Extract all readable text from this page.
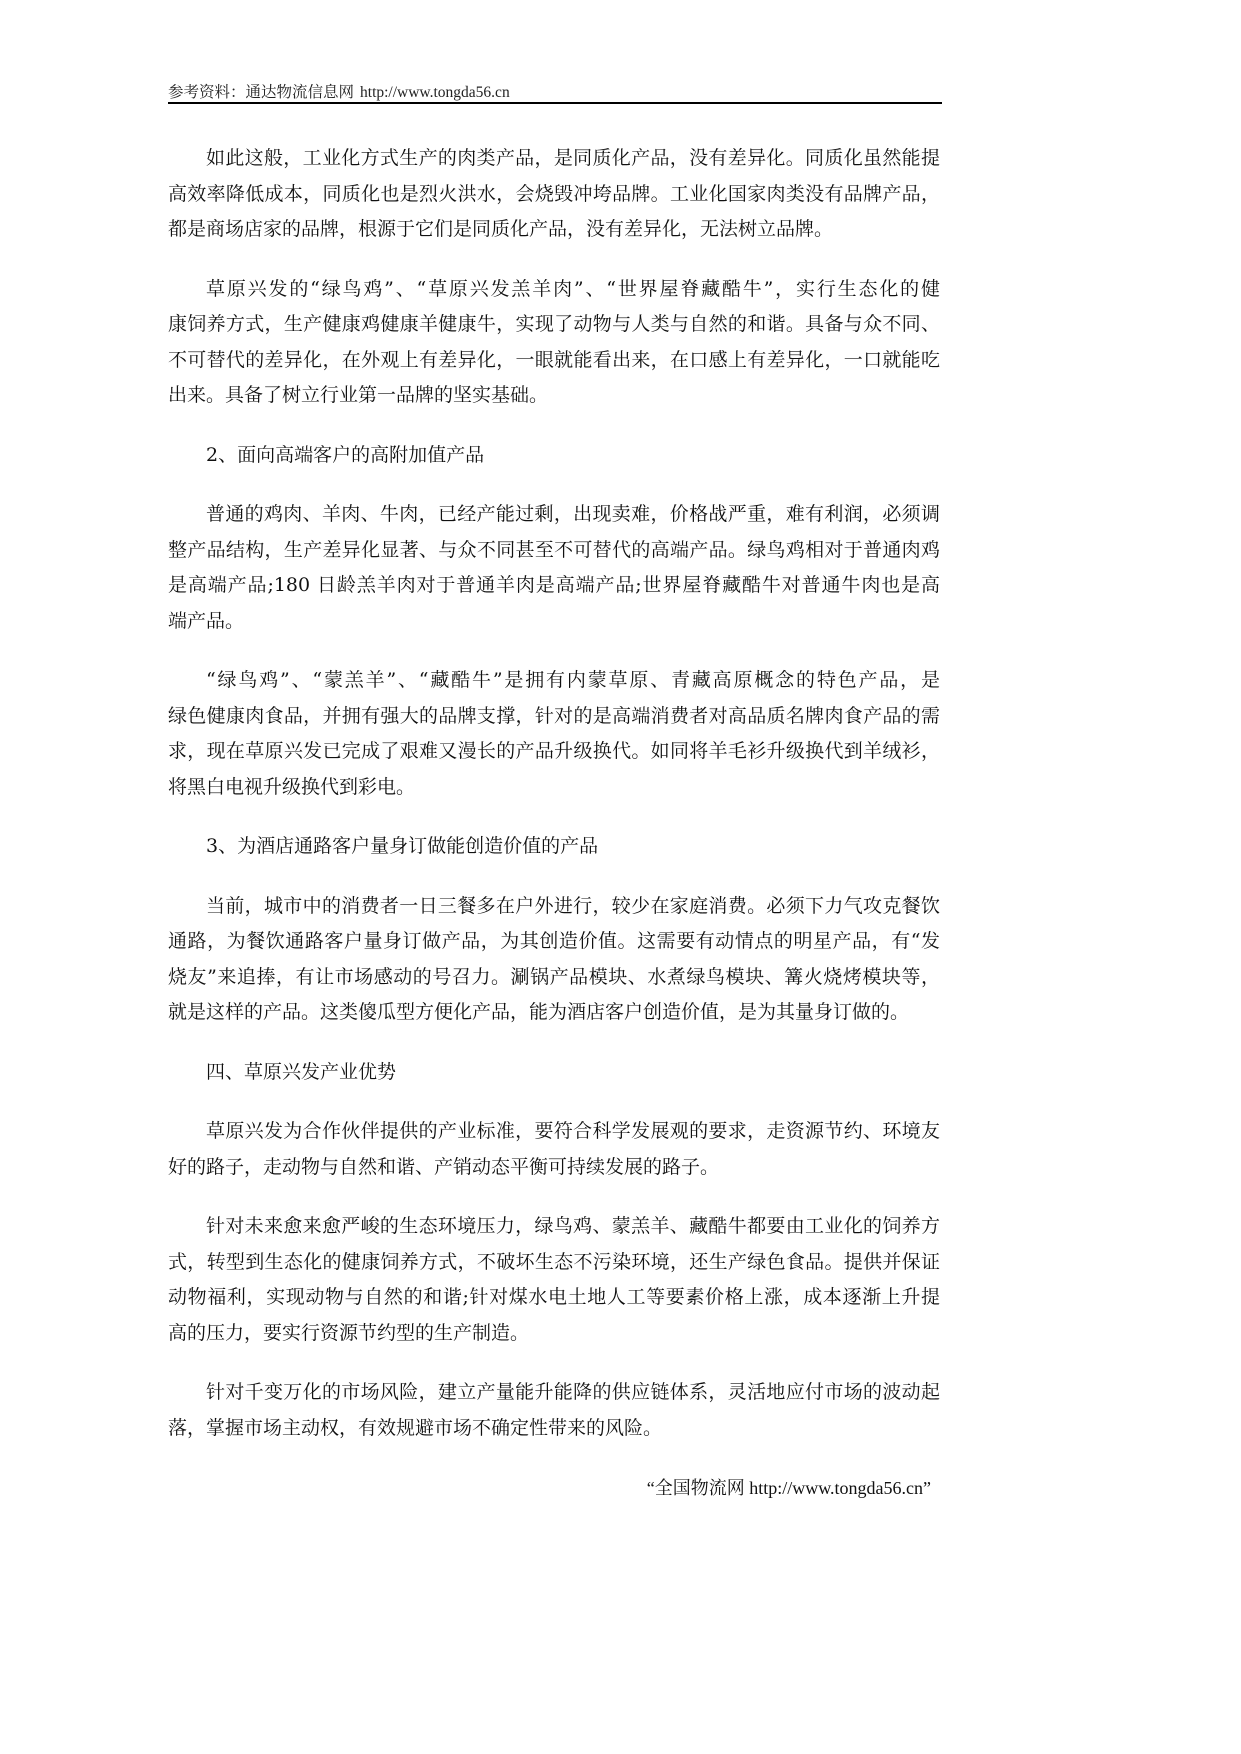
参考资料：通达物流信息网 http://www.tongda56.cn
如此这般，工业化方式生产的肉类产品，是同质化产品，没有差异化。同质化虽然能提
高效率降低成本，同质化也是烈火洪水，会烧毁冲垮品牌。工业化国家肉类没有品牌产品，
都是商场店家的品牌，根源于它们是同质化产品，没有差异化，无法树立品牌。
草原兴发的“绿鸟鸡”、“草原兴发羔羊肉”、“世界屋脊藏酷牛”，实行生态化的健
康饲养方式，生产健康鸡健康羊健康牛，实现了动物与人类与自然的和谐。具备与众不同、
不可替代的差异化，在外观上有差异化，一眼就能看出来，在口感上有差异化，一口就能吃
出来。具备了树立行业第一品牌的坚实基础。
2、面向高端客户的高附加值产品
普通的鸡肉、羊肉、牛肉，已经产能过剩，出现卖难，价格战严重，难有利润，必须调
整产品结构，生产差异化显著、与众不同甚至不可替代的高端产品。绿鸟鸡相对于普通肉鸡
是高端产品;180 日龄羔羊肉对于普通羊肉是高端产品;世界屋脊藏酷牛对普通牛肉也是高
端产品。
“绿鸟鸡”、“蒙羔羊”、“藏酷牛”是拥有内蒙草原、青藏高原概念的特色产品，是
绿色健康肉食品，并拥有强大的品牌支撑，针对的是高端消费者对高品质名牌肉食产品的需
求，现在草原兴发已完成了艰难又漫长的产品升级换代。如同将羊毛衫升级换代到羊绒衫，
将黑白电视升级换代到彩电。
3、为酒店通路客户量身订做能创造价值的产品
当前，城市中的消费者一日三餐多在户外进行，较少在家庭消费。必须下力气攻克餐饮
通路，为餐饮通路客户量身订做产品，为其创造价值。这需要有动情点的明星产品，有“发
烧友”来追捧，有让市场感动的号召力。涮锅产品模块、水煮绿鸟模块、篝火烧烤模块等，
就是这样的产品。这类傻瓜型方便化产品，能为酒店客户创造价值，是为其量身订做的。
四、草原兴发产业优势
草原兴发为合作伙伴提供的产业标准，要符合科学发展观的要求，走资源节约、环境友
好的路子，走动物与自然和谐、产销动态平衡可持续发展的路子。
针对未来愈来愈严峻的生态环境压力，绿鸟鸡、蒙羔羊、藏酷牛都要由工业化的饲养方
式，转型到生态化的健康饲养方式，不破坏生态不污染环境，还生产绿色食品。提供并保证
动物福利，实现动物与自然的和谐;针对煤水电土地人工等要素价格上涨，成本逐渐上升提
高的压力，要实行资源节约型的生产制造。
针对千变万化的市场风险，建立产量能升能降的供应链体系，灵活地应付市场的波动起
落，掌握市场主动权，有效规避市场不确定性带来的风险。
“全国物流网 http://www.tongda56.cn”
